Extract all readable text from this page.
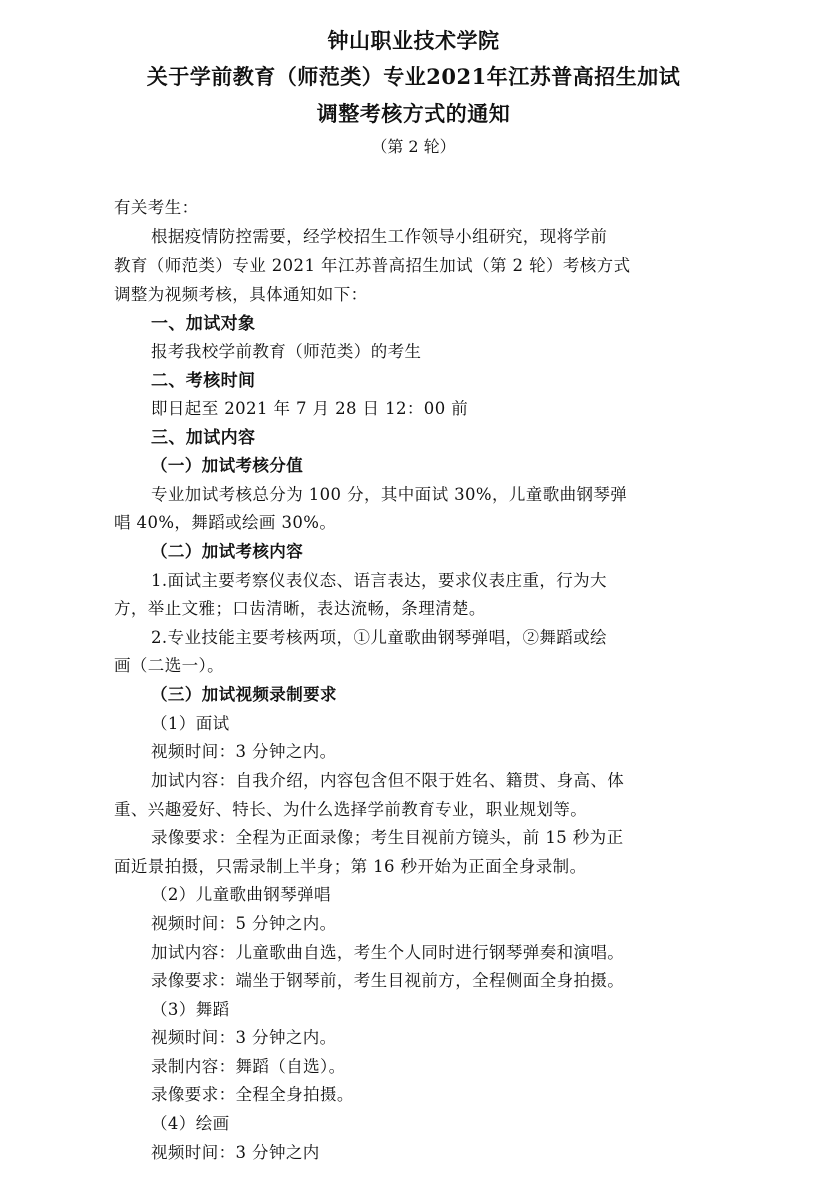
钟山职业技术学院
关于学前教育（师范类）专业2021年江苏普高招生加试
调整考核方式的通知
（第 2 轮）
有关考生：
根据疫情防控需要，经学校招生工作领导小组研究，现将学前
教育（师范类）专业 2021 年江苏普高招生加试（第 2 轮）考核方式
调整为视频考核，具体通知如下：
一、加试对象
报考我校学前教育（师范类）的考生
二、考核时间
即日起至 2021 年 7 月 28 日 12：00 前
三、加试内容
（一）加试考核分值
专业加试考核总分为 100 分，其中面试 30%，儿童歌曲钢琴弹
唱 40%，舞蹈或绘画 30%。
（二）加试考核内容
1.面试主要考察仪表仪态、语言表达，要求仪表庄重，行为大
方，举止文雅；口齿清晰，表达流畅，条理清楚。
2.专业技能主要考核两项，①儿童歌曲钢琴弹唱，②舞蹈或绘
画（二选一）。
（三）加试视频录制要求
（1）面试
视频时间：3 分钟之内。
加试内容：自我介绍，内容包含但不限于姓名、籍贯、身高、体
重、兴趣爱好、特长、为什么选择学前教育专业，职业规划等。
录像要求：全程为正面录像；考生目视前方镜头，前 15 秒为正
面近景拍摄，只需录制上半身；第 16 秒开始为正面全身录制。
（2）儿童歌曲钢琴弹唱
视频时间：5 分钟之内。
加试内容：儿童歌曲自选，考生个人同时进行钢琴弹奏和演唱。
录像要求：端坐于钢琴前，考生目视前方，全程侧面全身拍摄。
（3）舞蹈
视频时间：3 分钟之内。
录制内容：舞蹈（自选）。
录像要求：全程全身拍摄。
（4）绘画
视频时间：3 分钟之内
